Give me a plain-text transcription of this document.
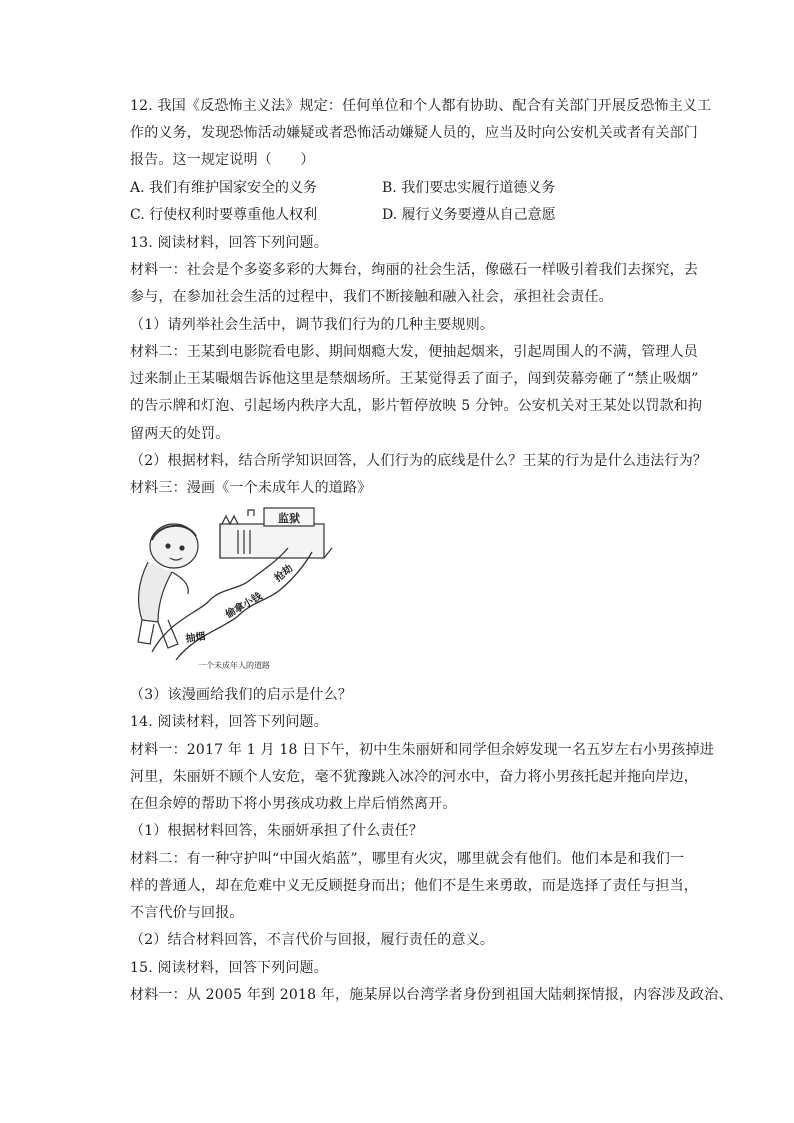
12. 我国《反恐怖主义法》规定：任何单位和个人都有协助、配合有关部门开展反恐怖主义工
作的义务，发现恐怖活动嫌疑或者恐怖活动嫌疑人员的，应当及时向公安机关或者有关部门
报告。这一规定说明（　　）
A. 我们有维护国家安全的义务	B. 我们要忠实履行道德义务
C. 行使权利时要尊重他人权利	D. 履行义务要遵从自己意愿
13. 阅读材料，回答下列问题。
材料一：社会是个多姿多彩的大舞台，绚丽的社会生活，像磁石一样吸引着我们去探究，去
参与，在参加社会生活的过程中，我们不断接触和融入社会，承担社会责任。
（1）请列举社会生活中，调节我们行为的几种主要规则。
材料二：王某到电影院看电影、期间烟瘾大发，便抽起烟来，引起周围人的不满，管理人员
过来制止王某嘬烟告诉他这里是禁烟场所。王某觉得丢了面子，闯到荧幕旁砸了“禁止吸烟”
的告示牌和灯泡、引起场内秩序大乱，影片暂停放映 5 分钟。公安机关对王某处以罚款和拘
留两天的处罚。
（2）根据材料，结合所学知识回答，人们行为的底线是什么？王某的行为是什么违法行为？
材料三：漫画《一个未成年人的道路》
监狱
抢劫
偷拿小钱
抽烟
一个未成年人的道路
（3）该漫画给我们的启示是什么？
14. 阅读材料，回答下列问题。
材料一：2017 年 1 月 18 日下午，初中生朱丽妍和同学但余婷发现一名五岁左右小男孩掉进
河里，朱丽妍不顾个人安危，毫不犹豫跳入冰冷的河水中，奋力将小男孩托起并拖向岸边，
在但余婷的帮助下将小男孩成功救上岸后悄然离开。
（1）根据材料回答，朱丽妍承担了什么责任？
材料二：有一种守护叫“中国火焰蓝”，哪里有火灾，哪里就会有他们。他们本是和我们一
样的普通人，却在危难中义无反顾挺身而出；他们不是生来勇敢，而是选择了责任与担当，
不言代价与回报。
（2）结合材料回答，不言代价与回报，履行责任的意义。
15. 阅读材料，回答下列问题。
材料一：从 2005 年到 2018 年，施某屏以台湾学者身份到祖国大陆刺探情报，内容涉及政治、
